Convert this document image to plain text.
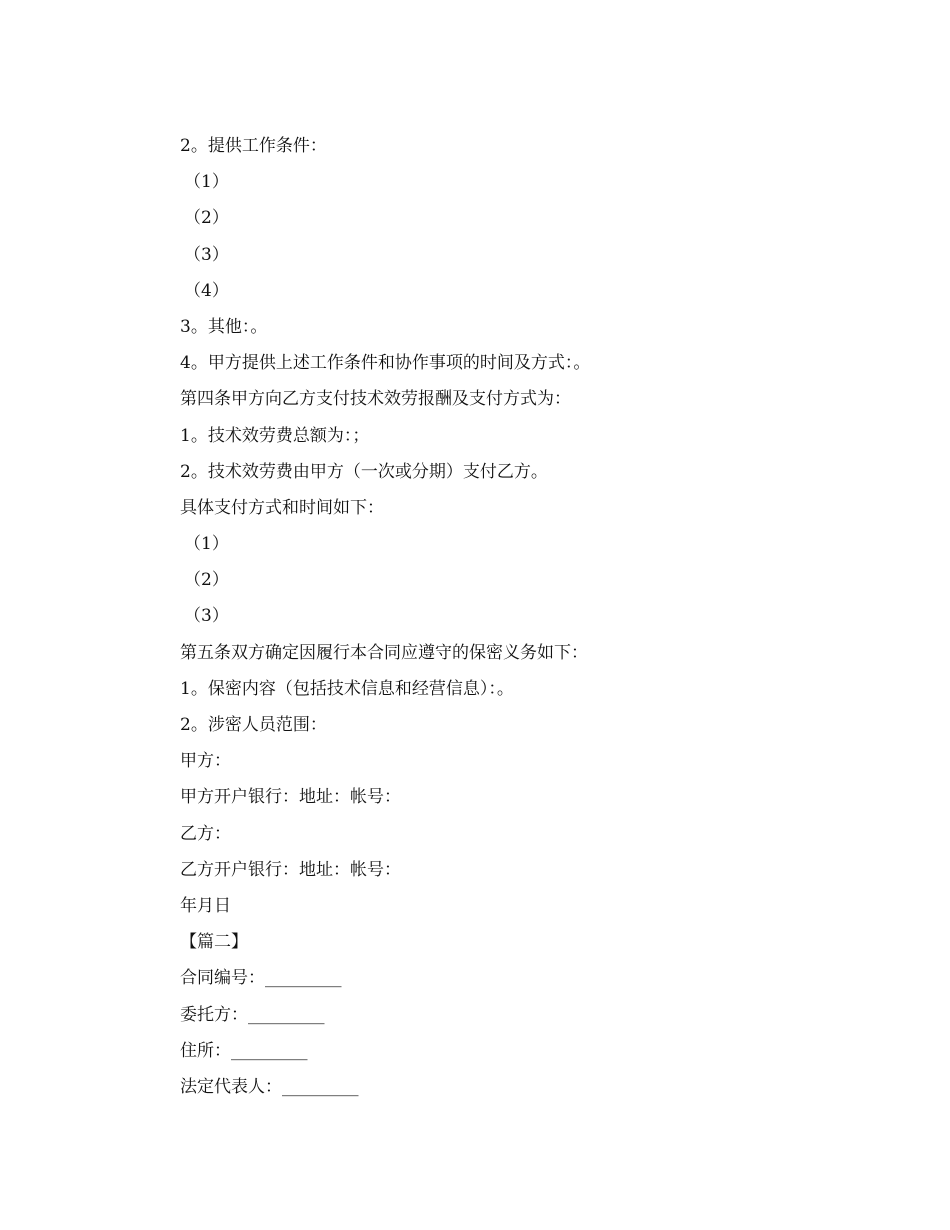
2。提供工作条件：

（1）

（2）

（3）

（4）

3。其他：。

4。甲方提供上述工作条件和协作事项的时间及方式：。

第四条甲方向乙方支付技术效劳报酬及支付方式为：

1。技术效劳费总额为：；

2。技术效劳费由甲方（一次或分期）支付乙方。

具体支付方式和时间如下：

（1）

（2）

（3）

第五条双方确定因履行本合同应遵守的保密义务如下：

1。保密内容（包括技术信息和经营信息）：。

2。涉密人员范围：

甲方：

甲方开户银行：地址：帐号：

乙方：

乙方开户银行：地址：帐号：

年月日

【篇二】

合同编号：_________

委托方：_________

住所：_________

法定代表人：_________
